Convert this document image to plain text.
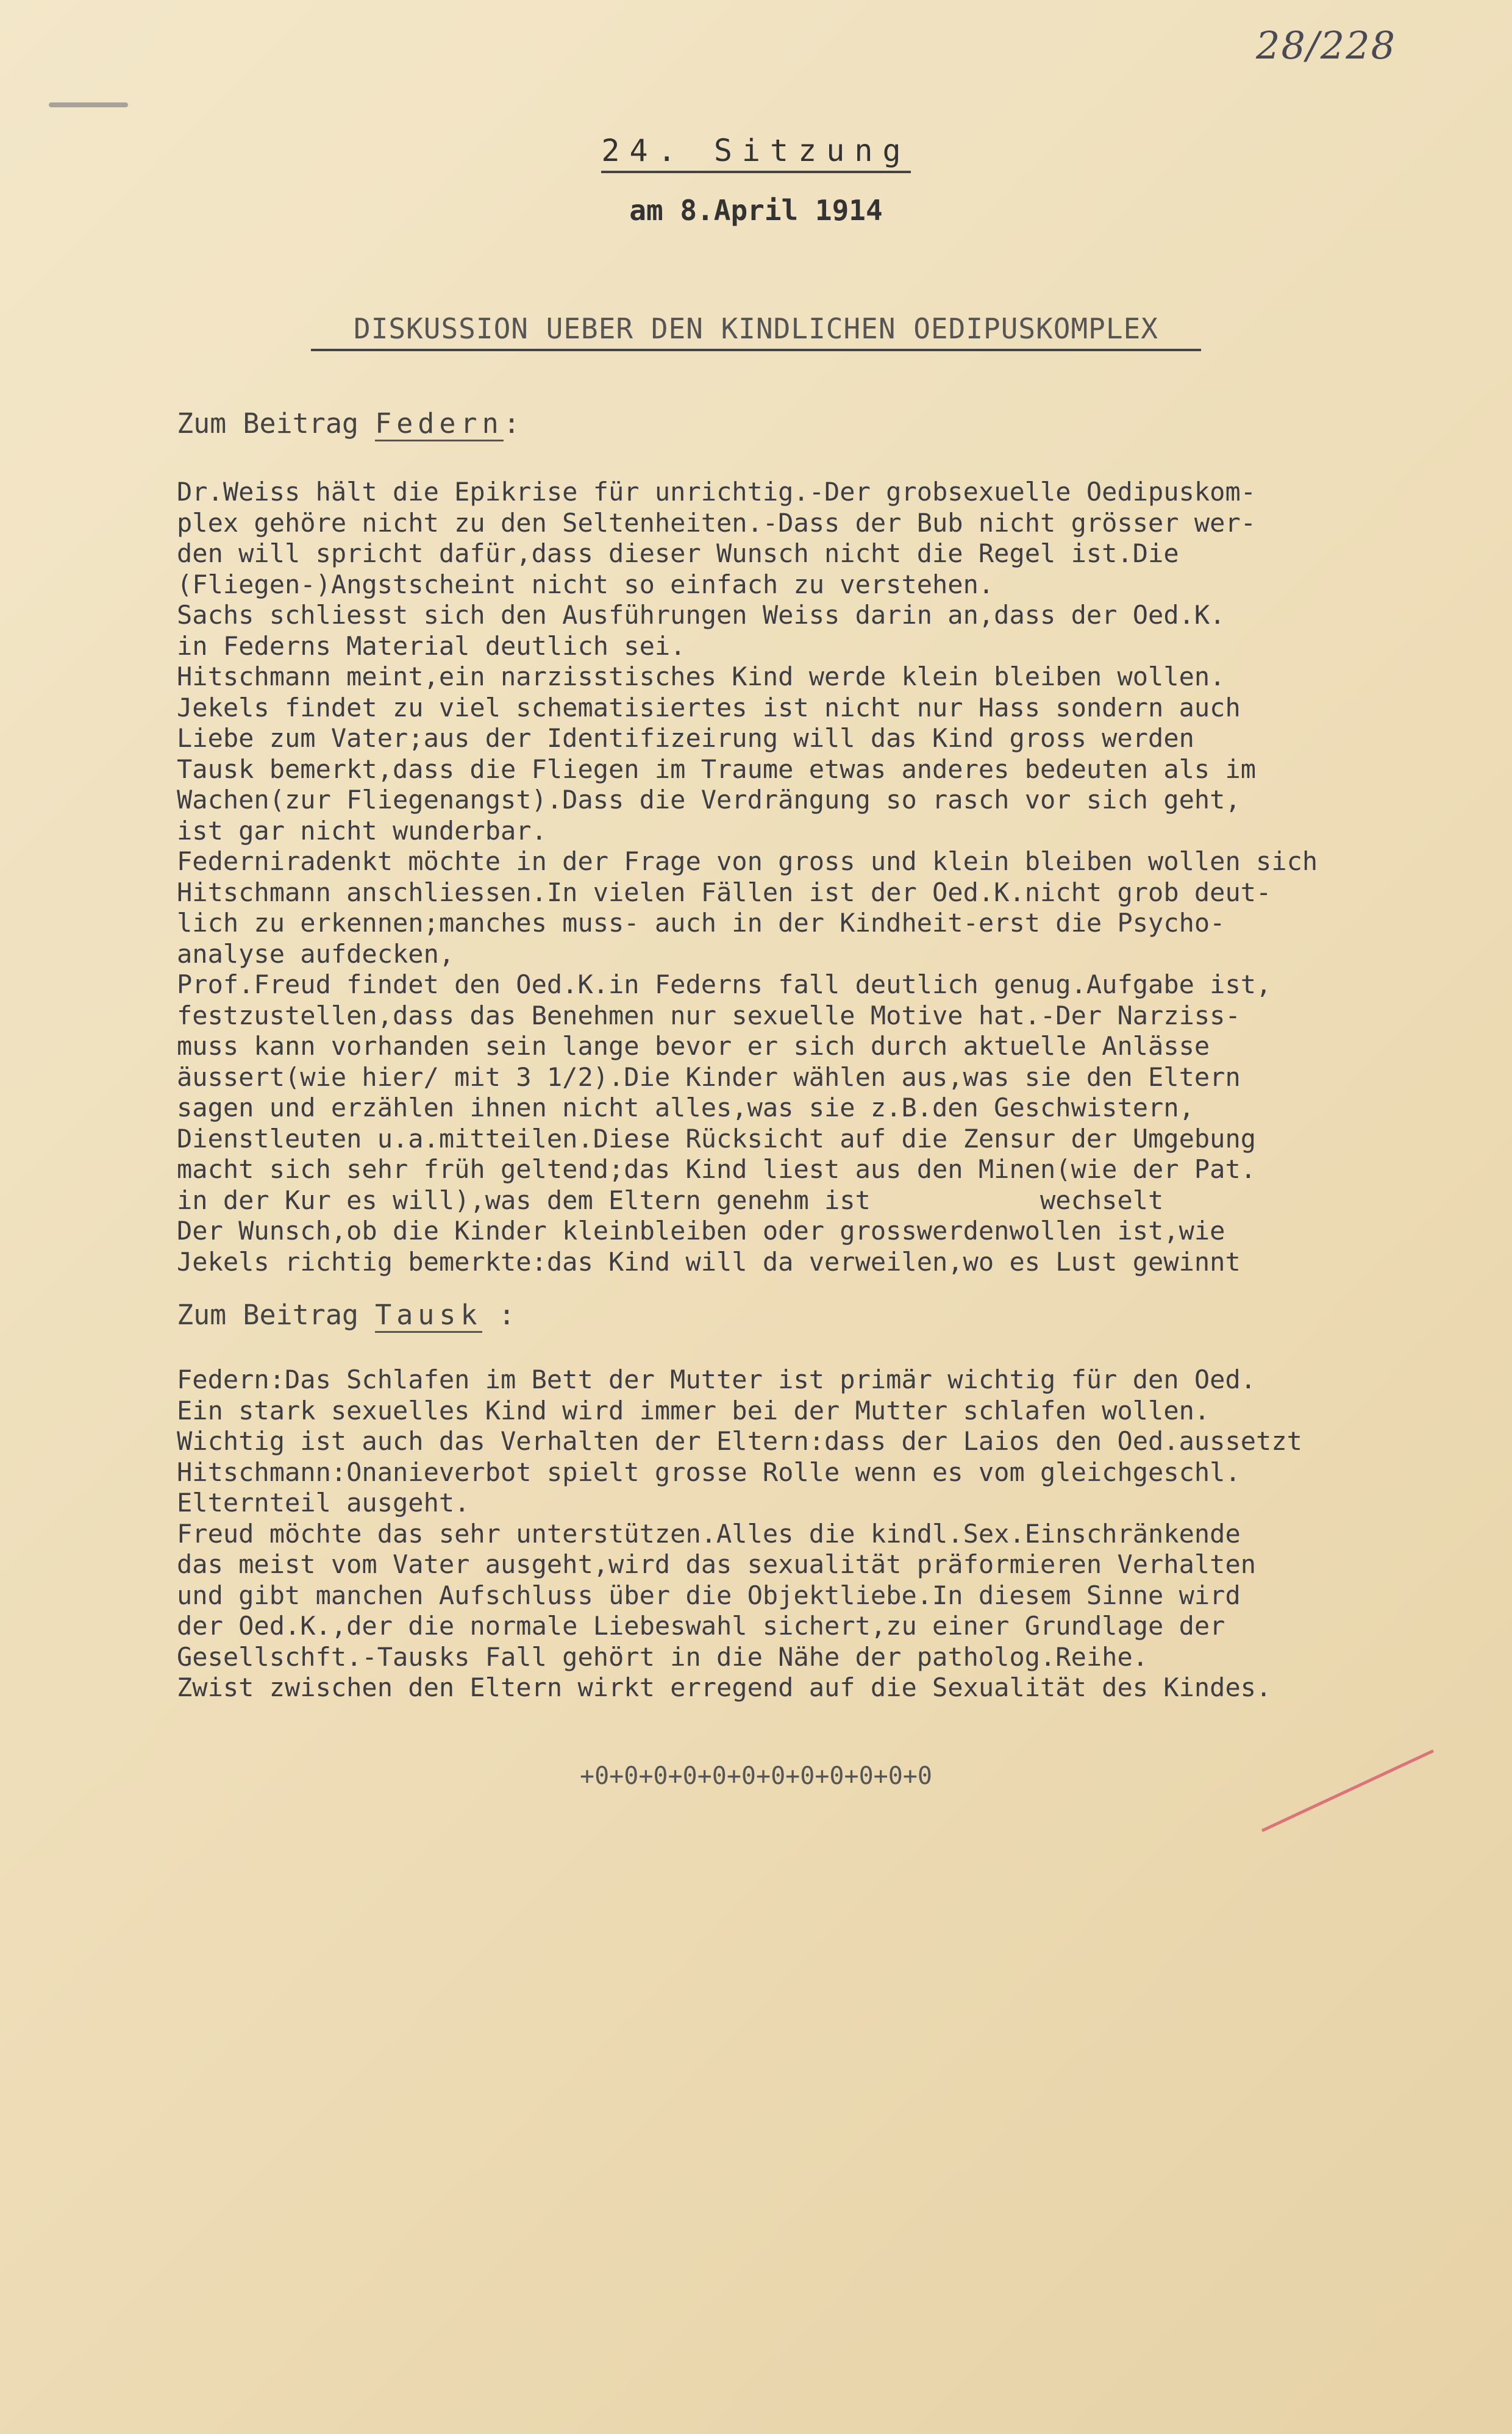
28/228
24. Sitzung
am 8.April 1914
DISKUSSION UEBER DEN KINDLICHEN OEDIPUSKOMPLEX
Zum Beitrag Federn:
Dr.Weiss hält die Epikrise für unrichtig.-Der grobsexuelle Oedipuskom-
plex gehöre nicht zu den Seltenheiten.-Dass der Bub nicht grösser wer-
den will spricht dafür,dass dieser Wunsch nicht die Regel ist.Die
(Fliegen-)Angstscheint nicht so einfach zu verstehen.
Sachs schliesst sich den Ausführungen Weiss darin an,dass der Oed.K.
in Federns Material deutlich sei.
Hitschmann meint,ein narzisstisches Kind werde klein bleiben wollen.
Jekels findet zu viel schematisiertes ist nicht nur Hass sondern auch
Liebe zum Vater;aus der Identifizeirung will das Kind gross werden
Tausk bemerkt,dass die Fliegen im Traume etwas anderes bedeuten als im
Wachen(zur Fliegenangst).Dass die Verdrängung so rasch vor sich geht,
ist gar nicht wunderbar.
Federniradenkt möchte in der Frage von gross und klein bleiben wollen sich
Hitschmann anschliessen.In vielen Fällen ist der Oed.K.nicht grob deut-
lich zu erkennen;manches muss- auch in der Kindheit-erst die Psycho-
analyse aufdecken,
Prof.Freud findet den Oed.K.in Federns fall deutlich genug.Aufgabe ist,
festzustellen,dass das Benehmen nur sexuelle Motive hat.-Der Narziss-
muss kann vorhanden sein lange bevor er sich durch aktuelle Anlässe
äussert(wie hier/ mit 3 1/2).Die Kinder wählen aus,was sie den Eltern
sagen und erzählen ihnen nicht alles,was sie z.B.den Geschwistern,
Dienstleuten u.a.mitteilen.Diese Rücksicht auf die Zensur der Umgebung
macht sich sehr früh geltend;das Kind liest aus den Minen(wie der Pat.
in der Kur es will),was dem Eltern genehm ist           wechselt
Der Wunsch,ob die Kinder kleinbleiben oder grosswerdenwollen ist,wie
Jekels richtig bemerkte:das Kind will da verweilen,wo es Lust gewinnt
Zum Beitrag Tausk :
Federn:Das Schlafen im Bett der Mutter ist primär wichtig für den Oed.
Ein stark sexuelles Kind wird immer bei der Mutter schlafen wollen.
Wichtig ist auch das Verhalten der Eltern:dass der Laios den Oed.aussetzt
Hitschmann:Onanieverbot spielt grosse Rolle wenn es vom gleichgeschl.
Elternteil ausgeht.
Freud möchte das sehr unterstützen.Alles die kindl.Sex.Einschränkende
das meist vom Vater ausgeht,wird das sexualität präformieren Verhalten
und gibt manchen Aufschluss über die Objektliebe.In diesem Sinne wird
der Oed.K.,der die normale Liebeswahl sichert,zu einer Grundlage der
Gesellschft.-Tausks Fall gehört in die Nähe der patholog.Reihe.
Zwist zwischen den Eltern wirkt erregend auf die Sexualität des Kindes.
+0+0+0+0+0+0+0+0+0+0+0+0
